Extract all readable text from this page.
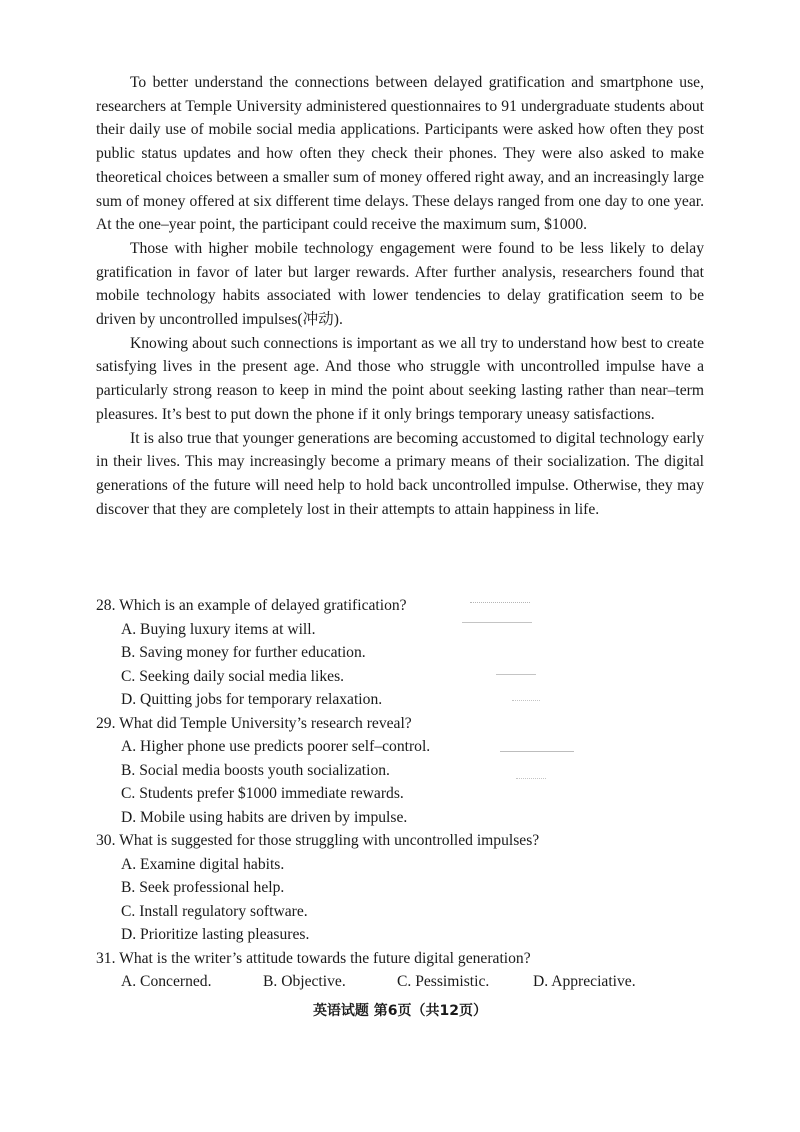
To better understand the connections between delayed gratification and smartphone use, researchers at Temple University administered questionnaires to 91 undergraduate students about their daily use of mobile social media applications. Participants were asked how often they post public status updates and how often they check their phones. They were also asked to make theoretical choices between a smaller sum of money offered right away, and an increasingly large sum of money offered at six different time delays. These delays ranged from one day to one year. At the one–year point, the participant could receive the maximum sum, $1000.

Those with higher mobile technology engagement were found to be less likely to delay gratification in favor of later but larger rewards. After further analysis, researchers found that mobile technology habits associated with lower tendencies to delay gratification seem to be driven by uncontrolled impulses(冲动).

Knowing about such connections is important as we all try to understand how best to create satisfying lives in the present age. And those who struggle with uncontrolled impulse have a particularly strong reason to keep in mind the point about seeking lasting rather than near–term pleasures. It’s best to put down the phone if it only brings temporary uneasy satisfactions.

It is also true that younger generations are becoming accustomed to digital technology early in their lives. This may increasingly become a primary means of their socialization. The digital generations of the future will need help to hold back uncontrolled impulse. Otherwise, they may discover that they are completely lost in their attempts to attain happiness in life.

28. Which is an example of delayed gratification?

A. Buying luxury items at will.

B. Saving money for further education.

C. Seeking daily social media likes.

D. Quitting jobs for temporary relaxation.

29. What did Temple University’s research reveal?

A. Higher phone use predicts poorer self–control.

B. Social media boosts youth socialization.

C. Students prefer $1000 immediate rewards.

D. Mobile using habits are driven by impulse.

30. What is suggested for those struggling with uncontrolled impulses?

A. Examine digital habits.

B. Seek professional help.

C. Install regulatory software.

D. Prioritize lasting pleasures.

31. What is the writer’s attitude towards the future digital generation?

A. Concerned.	B. Objective.	C. Pessimistic.	D. Appreciative.

英语试题 第6页（共12页）
